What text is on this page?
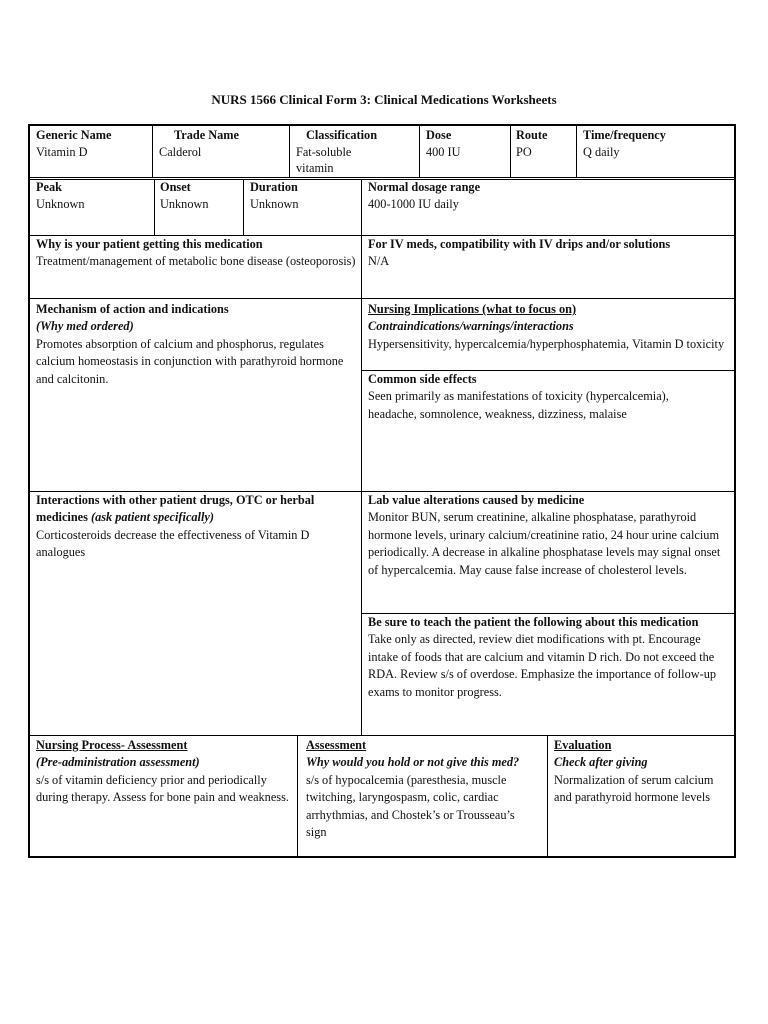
NURS 1566 Clinical Form 3: Clinical Medications Worksheets
Generic Name
Vitamin D
Trade Name
Calderol
Classification
Fat-soluble vitamin
Dose
400 IU
Route
PO
Time/frequency
Q daily
Peak
Unknown
Onset
Unknown
Duration
Unknown
Normal dosage range
400-1000 IU daily
Why is your patient getting this medication
Treatment/management of metabolic bone disease (osteoporosis)
For IV meds, compatibility with IV drips and/or solutions
N/A
Mechanism of action and indications
(Why med ordered)
Promotes absorption of calcium and phosphorus, regulates calcium homeostasis in conjunction with parathyroid hormone and calcitonin.
Nursing Implications (what to focus on)
Contraindications/warnings/interactions
Hypersensitivity, hypercalcemia/hyperphosphatemia, Vitamin D toxicity
Common side effects
Seen primarily as manifestations of toxicity (hypercalcemia), headache, somnolence, weakness, dizziness, malaise
Interactions with other patient drugs, OTC or herbal medicines (ask patient specifically)
Corticosteroids decrease the effectiveness of Vitamin D analogues
Lab value alterations caused by medicine
Monitor BUN, serum creatinine, alkaline phosphatase, parathyroid hormone levels, urinary calcium/creatinine ratio, 24 hour urine calcium periodically. A decrease in alkaline phosphatase levels may signal onset of hypercalcemia. May cause false increase of cholesterol levels.
Be sure to teach the patient the following about this medication
Take only as directed, review diet modifications with pt. Encourage intake of foods that are calcium and vitamin D rich. Do not exceed the RDA. Review s/s of overdose. Emphasize the importance of follow-up exams to monitor progress.
Nursing Process- Assessment
(Pre-administration assessment)
s/s of vitamin deficiency prior and periodically during therapy. Assess for bone pain and weakness.
Assessment
Why would you hold or not give this med?
s/s of hypocalcemia (paresthesia, muscle twitching, laryngospasm, colic, cardiac arrhythmias, and Chostek’s or Trousseau’s sign
Evaluation
Check after giving
Normalization of serum calcium and parathyroid hormone levels
